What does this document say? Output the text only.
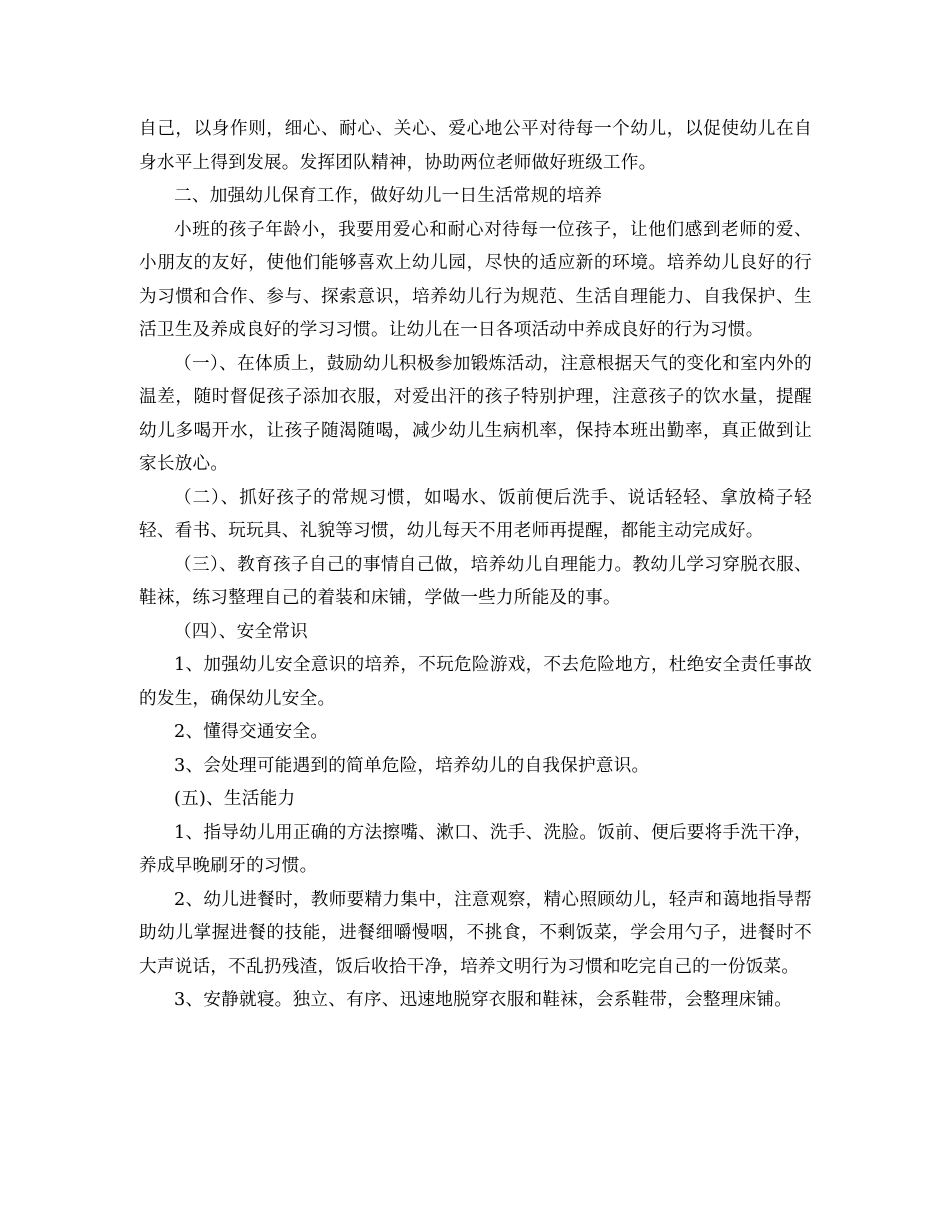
自己，以身作则，细心、耐心、关心、爱心地公平对待每一个幼儿，以促使幼儿在自身水平上得到发展。发挥团队精神，协助两位老师做好班级工作。

二、加强幼儿保育工作，做好幼儿一日生活常规的培养

小班的孩子年龄小，我要用爱心和耐心对待每一位孩子，让他们感到老师的爱、小朋友的友好，使他们能够喜欢上幼儿园，尽快的适应新的环境。培养幼儿良好的行为习惯和合作、参与、探索意识，培养幼儿行为规范、生活自理能力、自我保护、生活卫生及养成良好的学习习惯。让幼儿在一日各项活动中养成良好的行为习惯。

（一）、在体质上，鼓励幼儿积极参加锻炼活动，注意根据天气的变化和室内外的温差，随时督促孩子添加衣服，对爱出汗的孩子特别护理，注意孩子的饮水量，提醒幼儿多喝开水，让孩子随渴随喝，减少幼儿生病机率，保持本班出勤率，真正做到让家长放心。

（二）、抓好孩子的常规习惯，如喝水、饭前便后洗手、说话轻轻、拿放椅子轻轻、看书、玩玩具、礼貌等习惯，幼儿每天不用老师再提醒，都能主动完成好。

（三）、教育孩子自己的事情自己做，培养幼儿自理能力。教幼儿学习穿脱衣服、鞋袜，练习整理自己的着装和床铺，学做一些力所能及的事。

（四）、安全常识

1、加强幼儿安全意识的培养，不玩危险游戏，不去危险地方，杜绝安全责任事故的发生，确保幼儿安全。

2、懂得交通安全。

3、会处理可能遇到的简单危险，培养幼儿的自我保护意识。

(五)、生活能力

1、指导幼儿用正确的方法擦嘴、漱口、洗手、洗脸。饭前、便后要将手洗干净，养成早晚刷牙的习惯。

2、幼儿进餐时，教师要精力集中，注意观察，精心照顾幼儿，轻声和蔼地指导帮助幼儿掌握进餐的技能，进餐细嚼慢咽，不挑食，不剩饭菜，学会用勺子，进餐时不大声说话，不乱扔残渣，饭后收拾干净，培养文明行为习惯和吃完自己的一份饭菜。

3、安静就寝。独立、有序、迅速地脱穿衣服和鞋袜，会系鞋带，会整理床铺。
